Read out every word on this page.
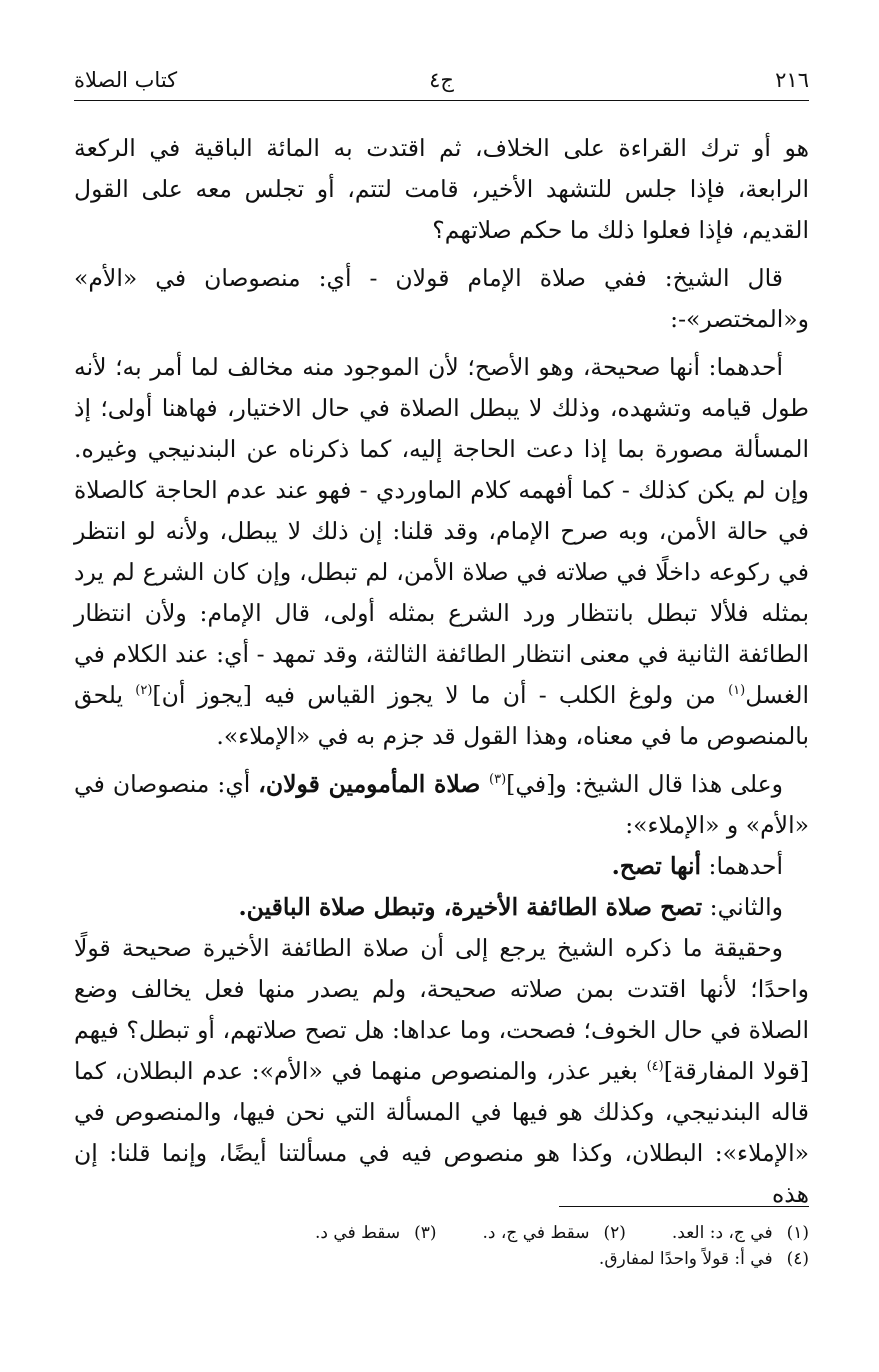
٢١٦
ج٤
كتاب الصلاة

هو أو ترك القراءة على الخلاف، ثم اقتدت به المائة الباقية في الركعة الرابعة، فإذا جلس للتشهد الأخير، قامت لتتم، أو تجلس معه على القول القديم، فإذا فعلوا ذلك ما حكم صلاتهم؟

قال الشيخ: ففي صلاة الإمام قولان - أي: منصوصان في «الأم» و«المختصر»-:

أحدهما: أنها صحيحة، وهو الأصح؛ لأن الموجود منه مخالف لما أمر به؛ لأنه طول قيامه وتشهده، وذلك لا يبطل الصلاة في حال الاختيار، فهاهنا أولى؛ إذ المسألة مصورة بما إذا دعت الحاجة إليه، كما ذكرناه عن البندنيجي وغيره. وإن لم يكن كذلك - كما أفهمه كلام الماوردي - فهو عند عدم الحاجة كالصلاة في حالة الأمن، وبه صرح الإمام، وقد قلنا: إن ذلك لا يبطل، ولأنه لو انتظر في ركوعه داخلًا في صلاته في صلاة الأمن، لم تبطل، وإن كان الشرع لم يرد بمثله فلألا تبطل بانتظار ورد الشرع بمثله أولى، قال الإمام: ولأن انتظار الطائفة الثانية في معنى انتظار الطائفة الثالثة، وقد تمهد - أي: عند الكلام في الغسل$^{(١)}$ من ولوغ الكلب - أن ما لا يجوز القياس فيه [يجوز أن]$^{(٢)}$ يلحق بالمنصوص ما في معناه، وهذا القول قد جزم به في «الإملاء».

وعلى هذا قال الشيخ: و[في]$^{(٣)}$ صلاة المأمومين قولان، أي: منصوصان في «الأم» و «الإملاء»:

أحدهما: أنها تصح.

والثاني: تصح صلاة الطائفة الأخيرة، وتبطل صلاة الباقين.

وحقيقة ما ذكره الشيخ يرجع إلى أن صلاة الطائفة الأخيرة صحيحة قولًا واحدًا؛ لأنها اقتدت بمن صلاته صحيحة، ولم يصدر منها فعل يخالف وضع الصلاة في حال الخوف؛ فصحت، وما عداها: هل تصح صلاتهم، أو تبطل؟ فيهم [قولا المفارقة]$^{(٤)}$ بغير عذر، والمنصوص منهما في «الأم»: عدم البطلان، كما قاله البندنيجي، وكذلك هو فيها في المسألة التي نحن فيها، والمنصوص في «الإملاء»: البطلان، وكذا هو منصوص فيه في مسألتنا أيضًا، وإنما قلنا: إن هذه

(١)في ج، د: العد.
(٢)سقط في ج، د.
(٣)سقط في د.
(٤)في أ: قولاً واحدًا لمفارق.
